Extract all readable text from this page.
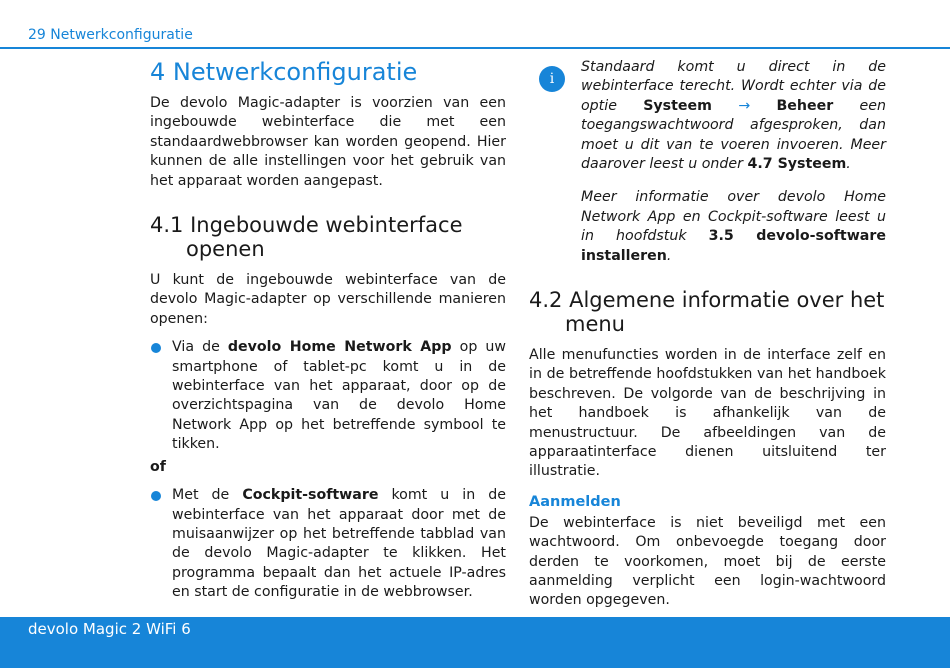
29 Netwerkconfiguratie
4 Netwerkconfiguratie

De devolo Magic-adapter is voorzien van een ingebouwde webinterface die met een standaardwebbrowser kan worden geopend. Hier kunnen de alle instellingen voor het gebruik van het apparaat worden aangepast.

4.1 Ingebouwde webinterface
openen

U kunt de ingebouwde webinterface van de devolo Magic-adapter op verschillende manieren openen:

Via de devolo Home Network App op uw smartphone of tablet-pc komt u in de webinterface van het apparaat, door op de overzichtspagina van de devolo Home Network App op het betreffende symbool te tikken.

of

Met de Cockpit-software komt u in de webinterface van het apparaat door met de muisaanwijzer op het betreffende tabblad van de devolo Magic-adapter te klikken. Het programma bepaalt dan het actuele IP-adres en start de configuratie in de webbrowser.

i

Standaard komt u direct in de webinterface terecht. Wordt echter via de optie Systeem → Beheer een toegangswachtwoord afgesproken, dan moet u dit van te voeren invoeren. Meer daarover leest u onder 4.7 Systeem.

Meer informatie over devolo Home Network App en Cockpit-software leest u in hoofdstuk 3.5 devolo-software installeren.

4.2 Algemene informatie over het
menu

Alle menufuncties worden in de interface zelf en in de betreffende hoofdstukken van het handboek beschreven. De volgorde van de beschrijving in het handboek is afhankelijk van de menustructuur. De afbeeldingen van de apparaatinterface dienen uitsluitend ter illustratie.

Aanmelden

De webinterface is niet beveiligd met een wachtwoord. Om onbevoegde toegang door derden te voorkomen, moet bij de eerste aanmelding verplicht een login-wachtwoord worden opgegeven.

devolo Magic 2 WiFi 6
